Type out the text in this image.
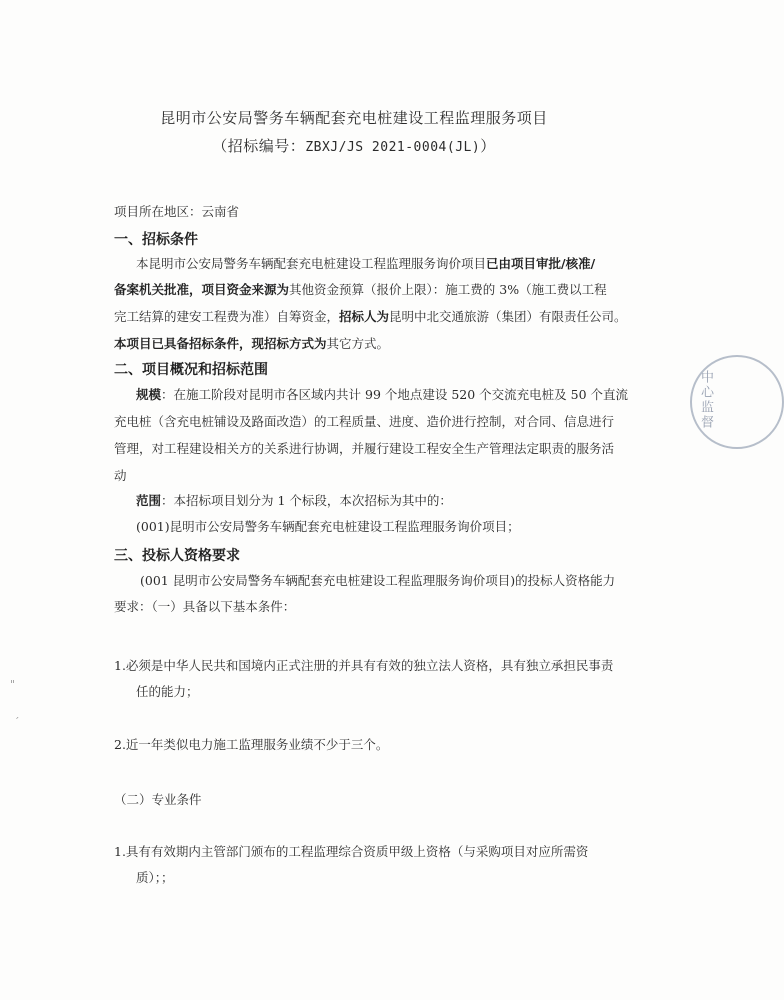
昆明市公安局警务车辆配套充电桩建设工程监理服务项目
（招标编号：ZBXJ/JS 2021-0004(JL)）
项目所在地区：云南省
一、招标条件
本昆明市公安局警务车辆配套充电桩建设工程监理服务询价项目已由项目审批/核准/
备案机关批准，项目资金来源为其他资金预算（报价上限）：施工费的 3%（施工费以工程
完工结算的建安工程费为准）自筹资金，招标人为昆明中北交通旅游（集团）有限责任公司。
本项目已具备招标条件，现招标方式为其它方式。
二、项目概况和招标范围
规模：在施工阶段对昆明市各区域内共计 99 个地点建设 520 个交流充电桩及 50 个直流
充电桩（含充电桩铺设及路面改造）的工程质量、进度、造价进行控制，对合同、信息进行
管理，对工程建设相关方的关系进行协调，并履行建设工程安全生产管理法定职责的服务活
动
范围：本招标项目划分为 1 个标段，本次招标为其中的：
(001)昆明市公安局警务车辆配套充电桩建设工程监理服务询价项目；
三、投标人资格要求
(001 昆明市公安局警务车辆配套充电桩建设工程监理服务询价项目)的投标人资格能力
要求：（一）具备以下基本条件：
1.必须是中华人民共和国境内正式注册的并具有有效的独立法人资格，具有独立承担民事责
任的能力；
2.近一年类似电力施工监理服务业绩不少于三个。
（二）专业条件
1.具有有效期内主管部门颁布的工程监理综合资质甲级上资格（与采购项目对应所需资
质）；；
中心监督
"
ˊ
